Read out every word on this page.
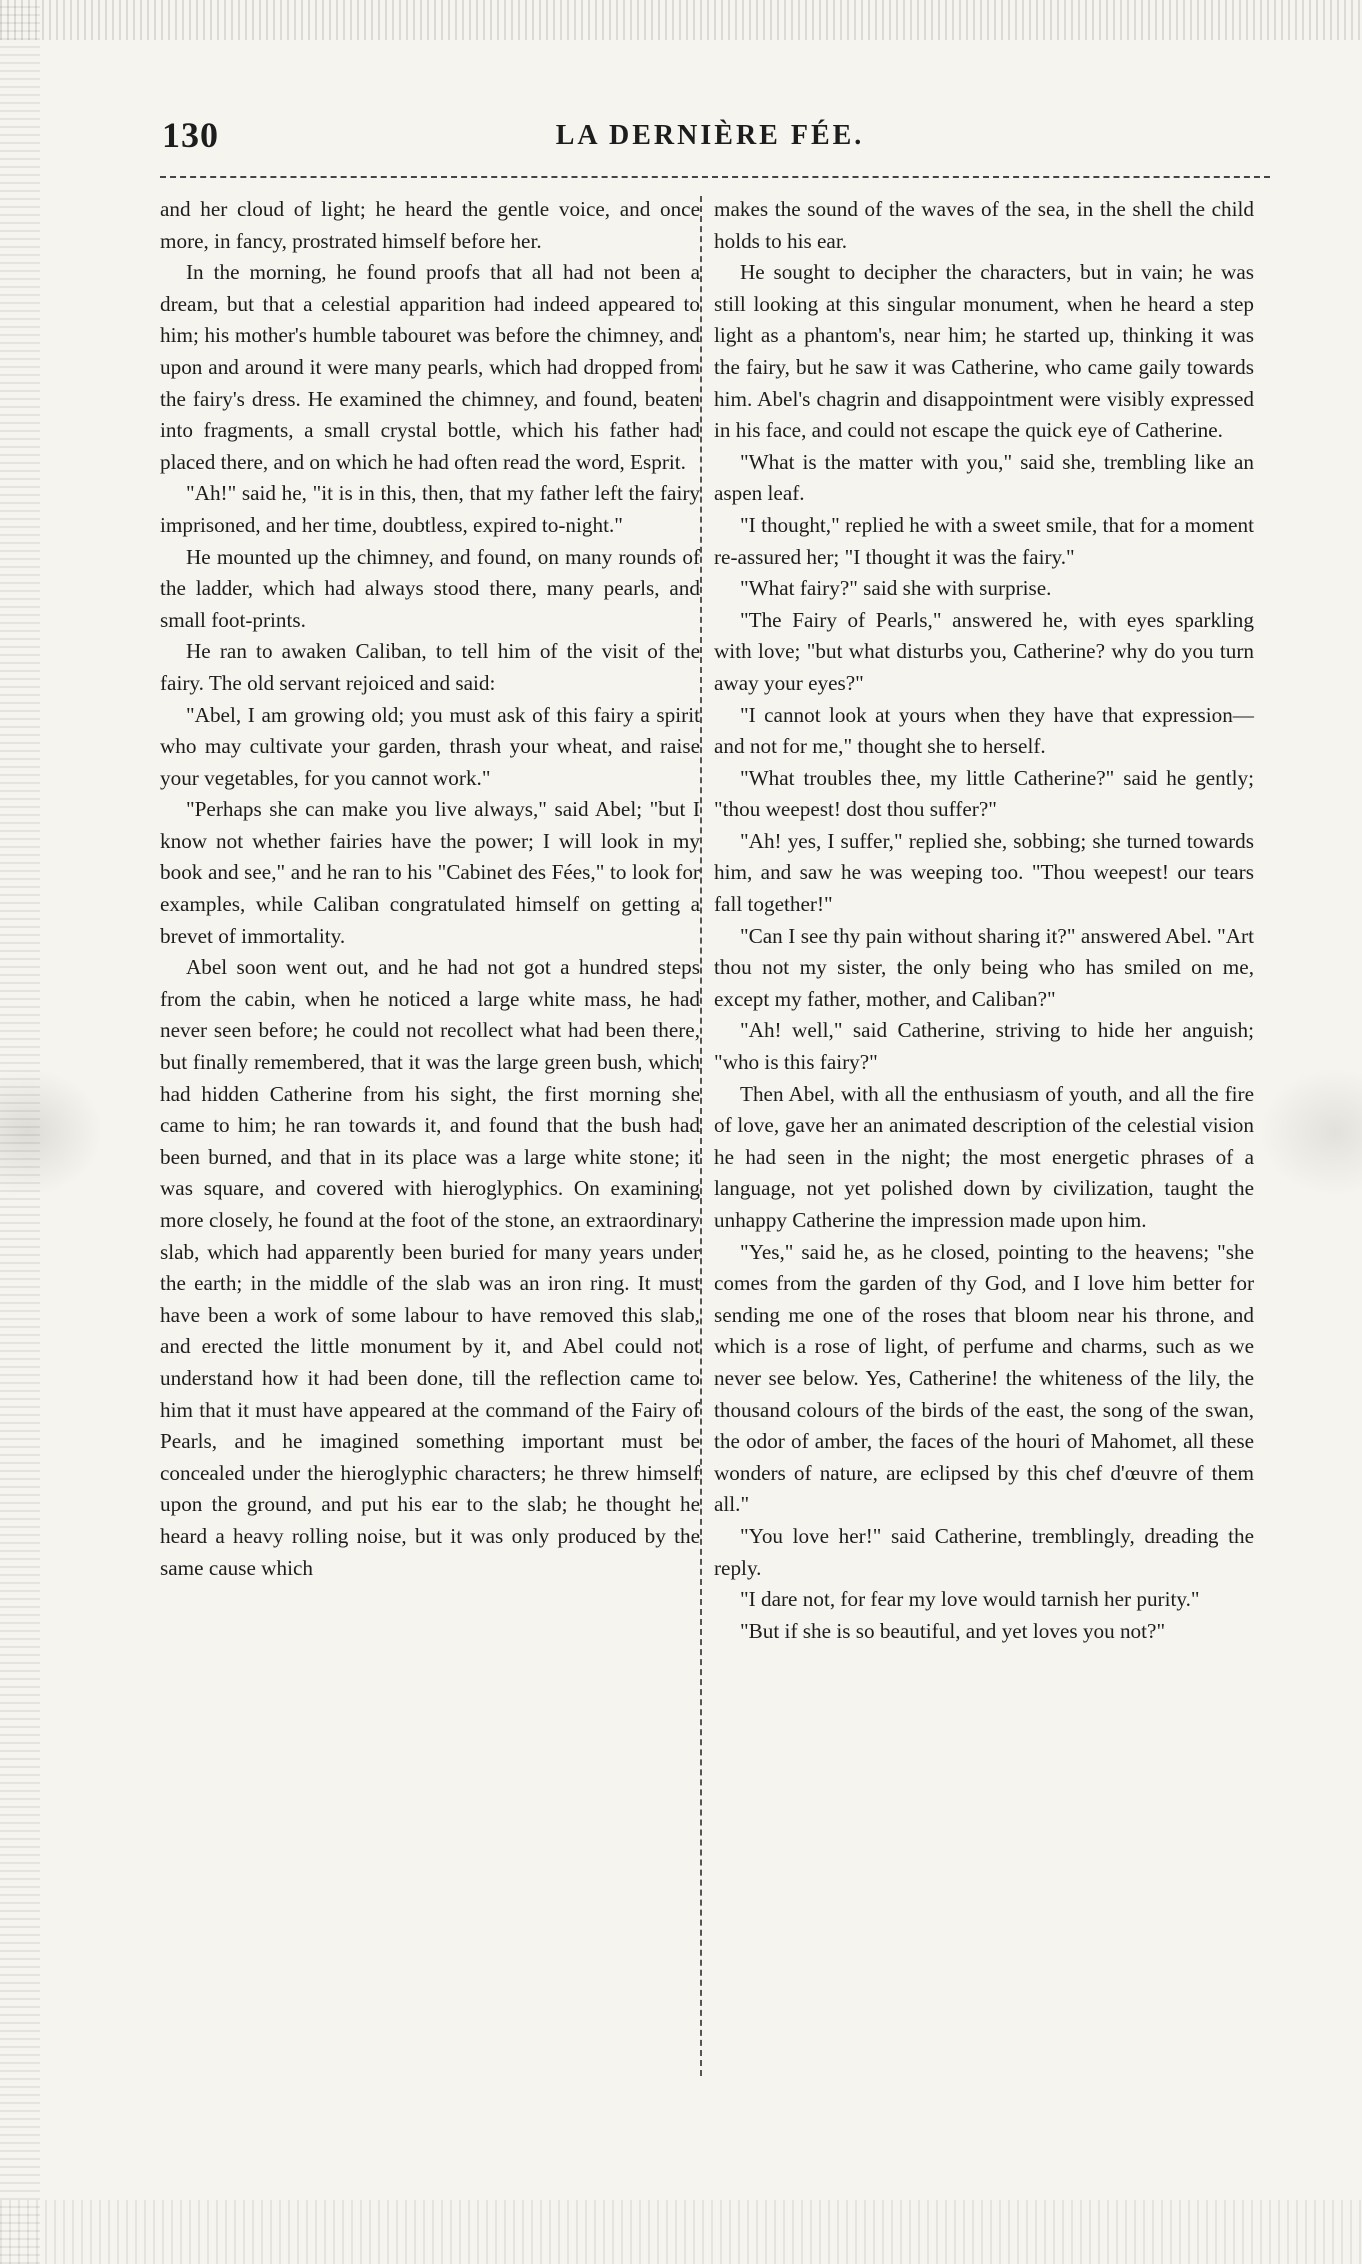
130	LA DERNIÈRE FÉE.

and her cloud of light; he heard the gentle voice, and once more, in fancy, prostrated himself before her.

In the morning, he found proofs that all had not been a dream, but that a celestial apparition had indeed appeared to him; his mother's humble tabouret was before the chimney, and upon and around it were many pearls, which had dropped from the fairy's dress. He examined the chimney, and found, beaten into fragments, a small crystal bottle, which his father had placed there, and on which he had often read the word, Esprit.

"Ah!" said he, "it is in this, then, that my father left the fairy imprisoned, and her time, doubtless, expired to-night."

He mounted up the chimney, and found, on many rounds of the ladder, which had always stood there, many pearls, and small foot-prints.

He ran to awaken Caliban, to tell him of the visit of the fairy. The old servant rejoiced and said:

"Abel, I am growing old; you must ask of this fairy a spirit who may cultivate your garden, thrash your wheat, and raise your vegetables, for you cannot work."

"Perhaps she can make you live always," said Abel; "but I know not whether fairies have the power; I will look in my book and see," and he ran to his "Cabinet des Fées," to look for examples, while Caliban congratulated himself on getting a brevet of immortality.

Abel soon went out, and he had not got a hundred steps from the cabin, when he noticed a large white mass, he had never seen before; he could not recollect what had been there, but finally remembered, that it was the large green bush, which had hidden Catherine from his sight, the first morning she came to him; he ran towards it, and found that the bush had been burned, and that in its place was a large white stone; it was square, and covered with hieroglyphics. On examining more closely, he found at the foot of the stone, an extraordinary slab, which had apparently been buried for many years under the earth; in the middle of the slab was an iron ring. It must have been a work of some labour to have removed this slab, and erected the little monument by it, and Abel could not understand how it had been done, till the reflection came to him that it must have appeared at the command of the Fairy of Pearls, and he imagined something important must be concealed under the hieroglyphic characters; he threw himself upon the ground, and put his ear to the slab; he thought he heard a heavy rolling noise, but it was only produced by the same cause which

makes the sound of the waves of the sea, in the shell the child holds to his ear.

He sought to decipher the characters, but in vain; he was still looking at this singular monument, when he heard a step light as a phantom's, near him; he started up, thinking it was the fairy, but he saw it was Catherine, who came gaily towards him. Abel's chagrin and disappointment were visibly expressed in his face, and could not escape the quick eye of Catherine.

"What is the matter with you," said she, trembling like an aspen leaf.

"I thought," replied he with a sweet smile, that for a moment re-assured her; "I thought it was the fairy."

"What fairy?" said she with surprise.

"The Fairy of Pearls," answered he, with eyes sparkling with love; "but what disturbs you, Catherine? why do you turn away your eyes?"

"I cannot look at yours when they have that expression—and not for me," thought she to herself.

"What troubles thee, my little Catherine?" said he gently; "thou weepest! dost thou suffer?"

"Ah! yes, I suffer," replied she, sobbing; she turned towards him, and saw he was weeping too. "Thou weepest! our tears fall together!"

"Can I see thy pain without sharing it?" answered Abel. "Art thou not my sister, the only being who has smiled on me, except my father, mother, and Caliban?"

"Ah! well," said Catherine, striving to hide her anguish; "who is this fairy?"

Then Abel, with all the enthusiasm of youth, and all the fire of love, gave her an animated description of the celestial vision he had seen in the night; the most energetic phrases of a language, not yet polished down by civilization, taught the unhappy Catherine the impression made upon him.

"Yes," said he, as he closed, pointing to the heavens; "she comes from the garden of thy God, and I love him better for sending me one of the roses that bloom near his throne, and which is a rose of light, of perfume and charms, such as we never see below. Yes, Catherine! the whiteness of the lily, the thousand colours of the birds of the east, the song of the swan, the odor of amber, the faces of the houri of Mahomet, all these wonders of nature, are eclipsed by this chef d'œuvre of them all."

"You love her!" said Catherine, tremblingly, dreading the reply.

"I dare not, for fear my love would tarnish her purity."

"But if she is so beautiful, and yet loves you not?"
